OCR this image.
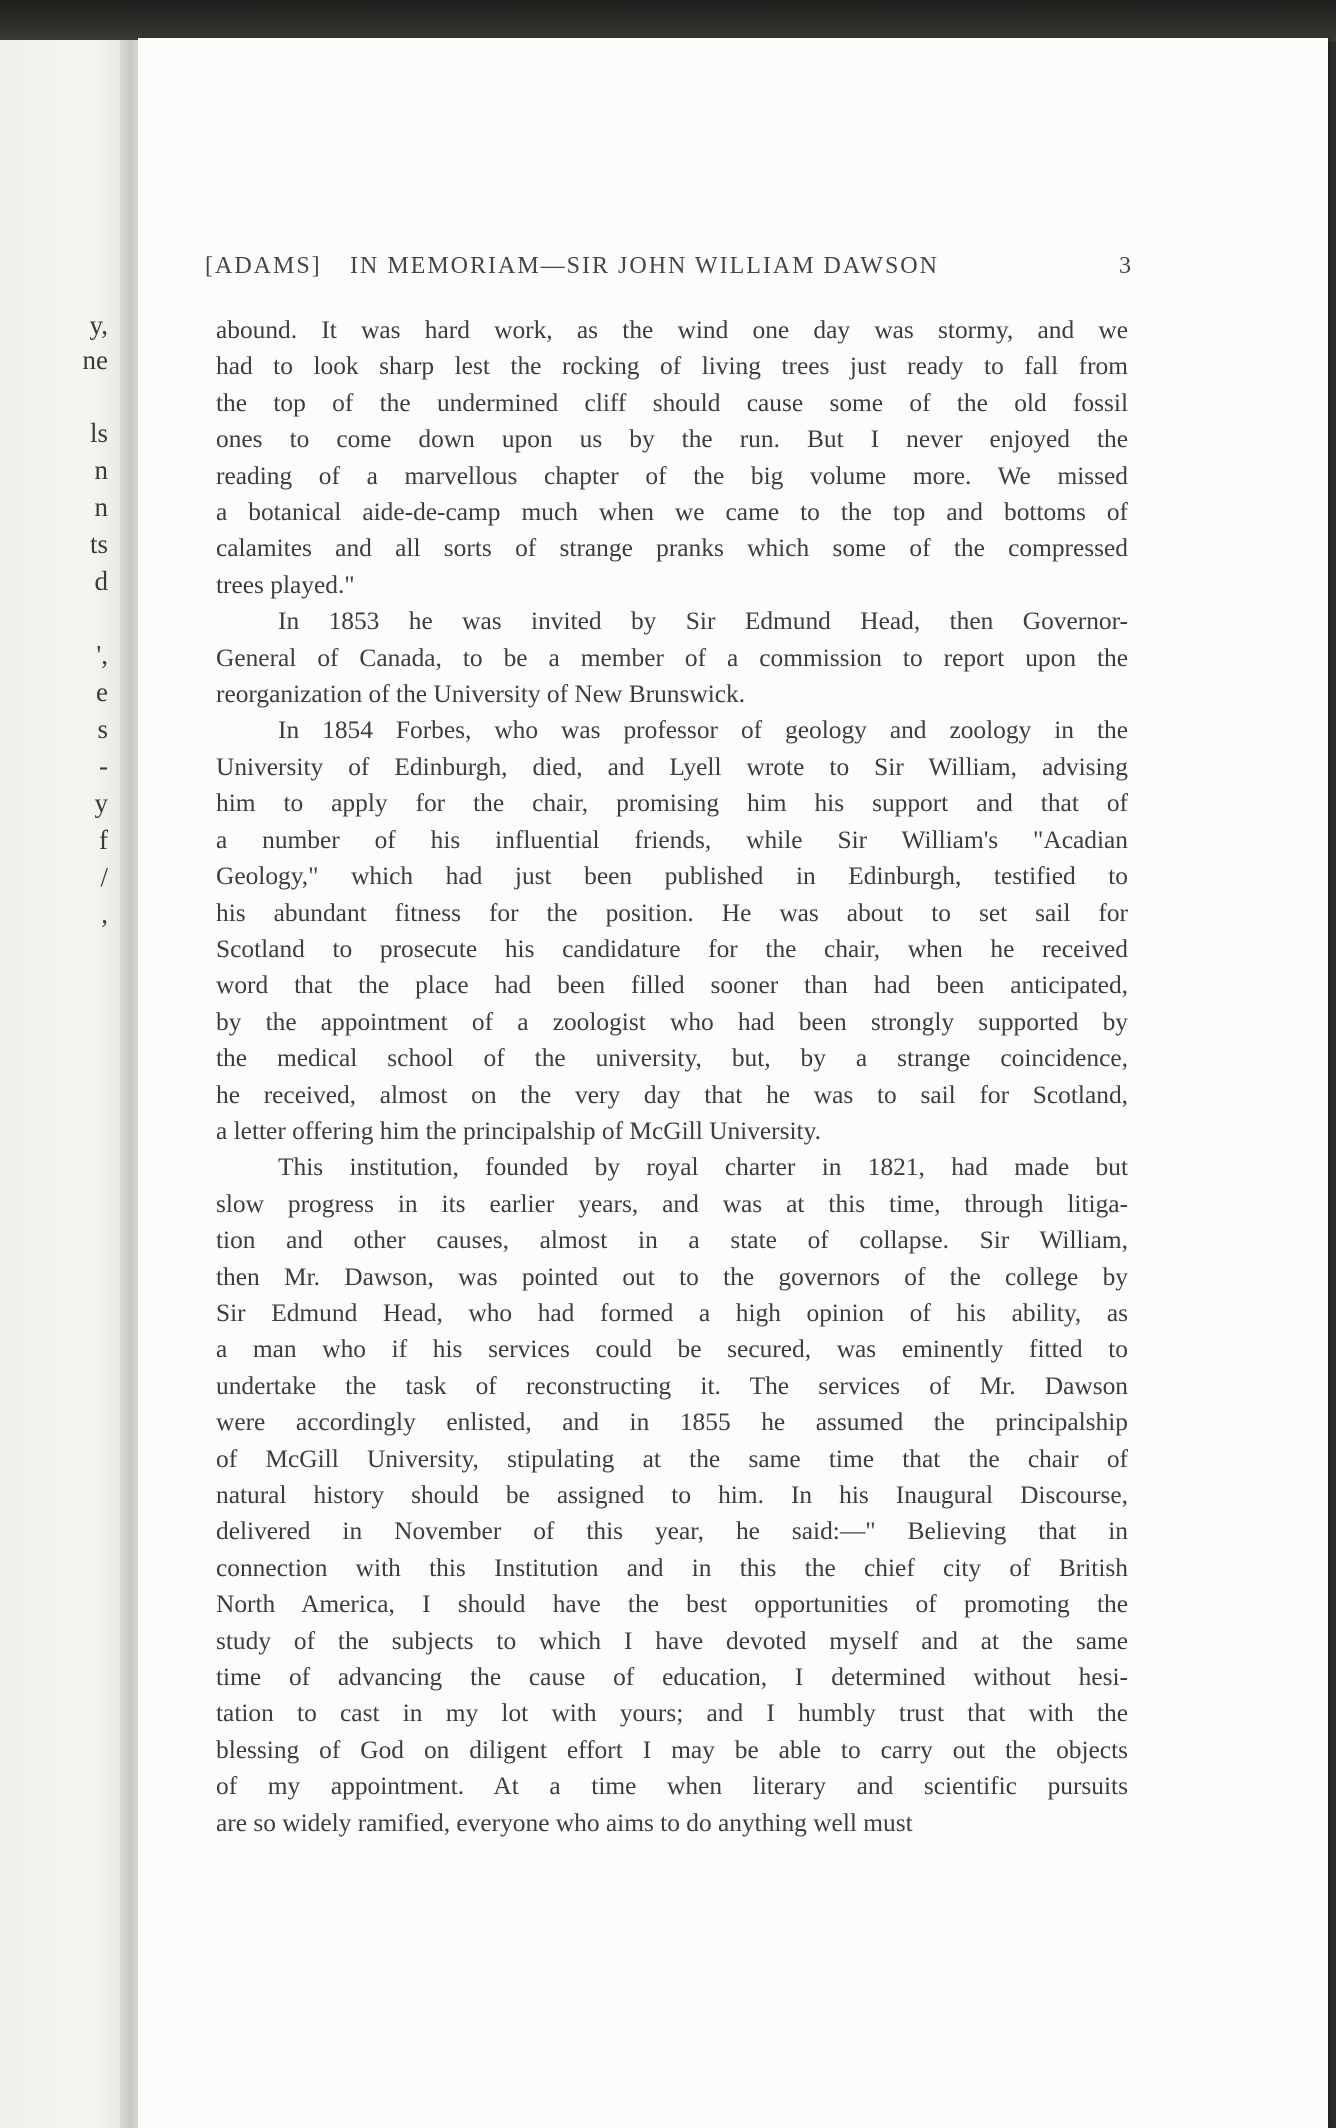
y,
ne
ls
n
n
ts
d
',
e
s
-
y
f
/
,
[ADAMS] IN MEMORIAM—SIR JOHN WILLIAM DAWSON	3
abound. It was hard work, as the wind one day was stormy, and we
had to look sharp lest the rocking of living trees just ready to fall from
the top of the undermined cliff should cause some of the old fossil
ones to come down upon us by the run. But I never enjoyed the
reading of a marvellous chapter of the big volume more. We missed
a botanical aide-de-camp much when we came to the top and bottoms of
calamites and all sorts of strange pranks which some of the compressed
trees played."
In 1853 he was invited by Sir Edmund Head, then Governor-
General of Canada, to be a member of a commission to report upon the
reorganization of the University of New Brunswick.
In 1854 Forbes, who was professor of geology and zoology in the
University of Edinburgh, died, and Lyell wrote to Sir William, advising
him to apply for the chair, promising him his support and that of
a number of his influential friends, while Sir William's "Acadian
Geology," which had just been published in Edinburgh, testified to
his abundant fitness for the position. He was about to set sail for
Scotland to prosecute his candidature for the chair, when he received
word that the place had been filled sooner than had been anticipated,
by the appointment of a zoologist who had been strongly supported by
the medical school of the university, but, by a strange coincidence,
he received, almost on the very day that he was to sail for Scotland,
a letter offering him the principalship of McGill University.
This institution, founded by royal charter in 1821, had made but
slow progress in its earlier years, and was at this time, through litiga-
tion and other causes, almost in a state of collapse. Sir William,
then Mr. Dawson, was pointed out to the governors of the college by
Sir Edmund Head, who had formed a high opinion of his ability, as
a man who if his services could be secured, was eminently fitted to
undertake the task of reconstructing it. The services of Mr. Dawson
were accordingly enlisted, and in 1855 he assumed the principalship
of McGill University, stipulating at the same time that the chair of
natural history should be assigned to him. In his Inaugural Discourse,
delivered in November of this year, he said:—" Believing that in
connection with this Institution and in this the chief city of British
North America, I should have the best opportunities of promoting the
study of the subjects to which I have devoted myself and at the same
time of advancing the cause of education, I determined without hesi-
tation to cast in my lot with yours; and I humbly trust that with the
blessing of God on diligent effort I may be able to carry out the objects
of my appointment. At a time when literary and scientific pursuits
are so widely ramified, everyone who aims to do anything well must
